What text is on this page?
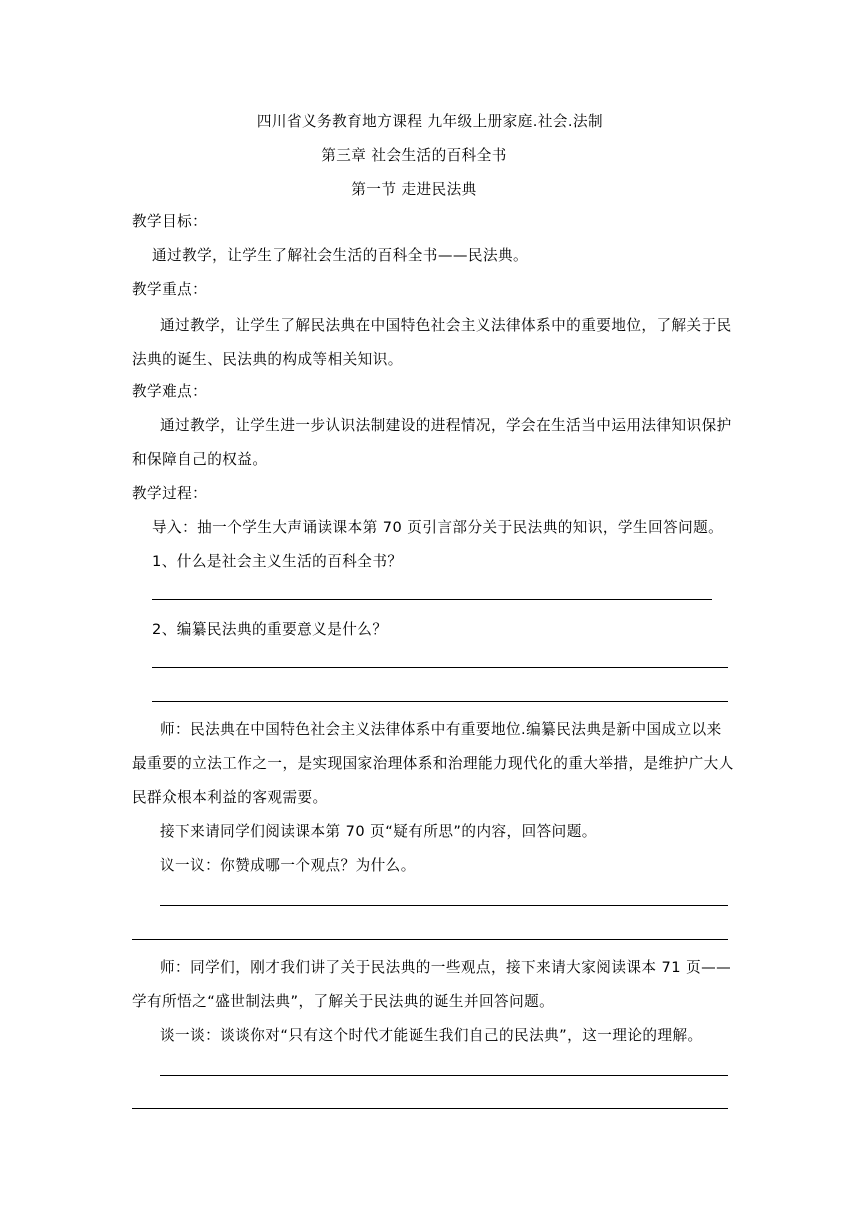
四川省义务教育地方课程 九年级上册家庭.社会.法制
第三章 社会生活的百科全书
第一节 走进民法典
教学目标：
通过教学，让学生了解社会生活的百科全书——民法典。
教学重点：
通过教学，让学生了解民法典在中国特色社会主义法律体系中的重要地位，了解关于民
法典的诞生、民法典的构成等相关知识。
教学难点：
通过教学，让学生进一步认识法制建设的进程情况，学会在生活当中运用法律知识保护
和保障自己的权益。
教学过程：
导入：抽一个学生大声诵读课本第 70 页引言部分关于民法典的知识，学生回答问题。
1、什么是社会主义生活的百科全书？
2、编纂民法典的重要意义是什么？
师：民法典在中国特色社会主义法律体系中有重要地位.编纂民法典是新中国成立以来
最重要的立法工作之一，是实现国家治理体系和治理能力现代化的重大举措，是维护广大人
民群众根本利益的客观需要。
接下来请同学们阅读课本第 70 页“疑有所思”的内容，回答问题。
议一议：你赞成哪一个观点？为什么。
师：同学们，刚才我们讲了关于民法典的一些观点，接下来请大家阅读课本 71 页——
学有所悟之“盛世制法典”，了解关于民法典的诞生并回答问题。
谈一谈：谈谈你对“只有这个时代才能诞生我们自己的民法典”，这一理论的理解。
